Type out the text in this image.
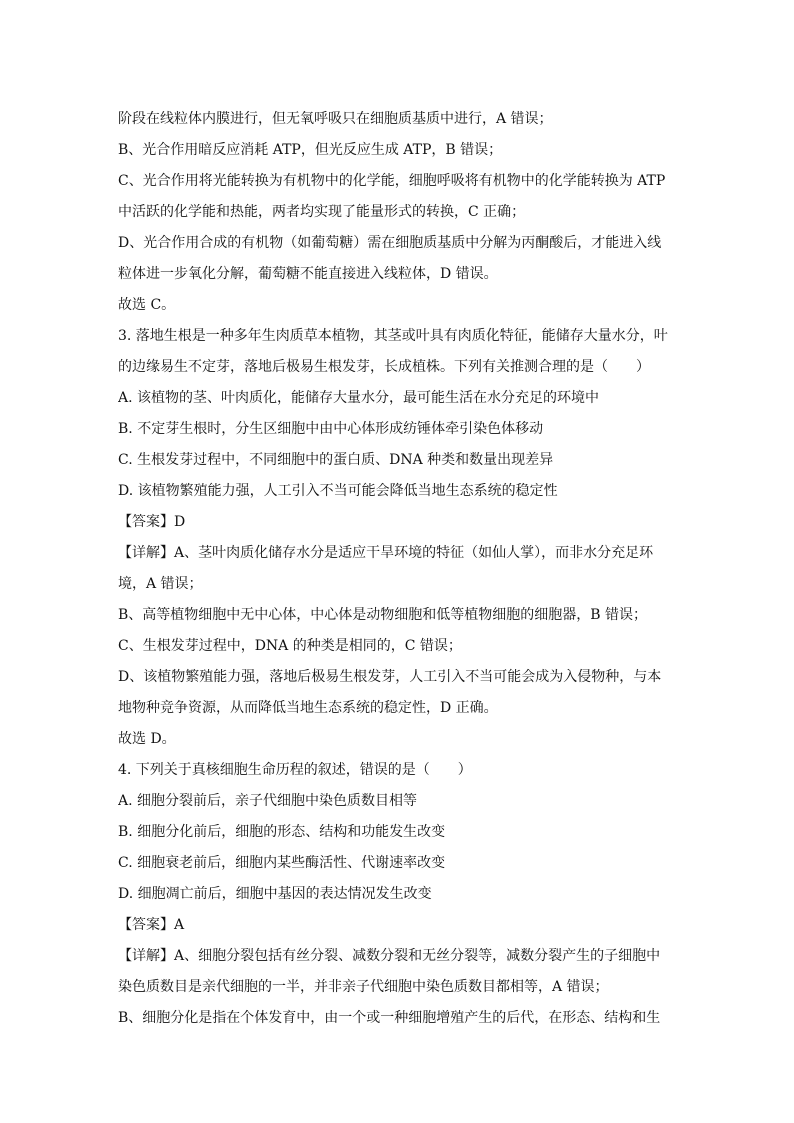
阶段在线粒体内膜进行，但无氧呼吸只在细胞质基质中进行，A 错误；
B、光合作用暗反应消耗 ATP，但光反应生成 ATP，B 错误；
C、光合作用将光能转换为有机物中的化学能，细胞呼吸将有机物中的化学能转换为 ATP
中活跃的化学能和热能，两者均实现了能量形式的转换，C 正确；
D、光合作用合成的有机物（如葡萄糖）需在细胞质基质中分解为丙酮酸后，才能进入线
粒体进一步氧化分解，葡萄糖不能直接进入线粒体，D 错误。
故选 C。
3. 落地生根是一种多年生肉质草本植物，其茎或叶具有肉质化特征，能储存大量水分，叶
的边缘易生不定芽，落地后极易生根发芽，长成植株。下列有关推测合理的是（　　）
A. 该植物的茎、叶肉质化，能储存大量水分，最可能生活在水分充足的环境中
B. 不定芽生根时，分生区细胞中由中心体形成纺锤体牵引染色体移动
C. 生根发芽过程中，不同细胞中的蛋白质、DNA 种类和数量出现差异
D. 该植物繁殖能力强，人工引入不当可能会降低当地生态系统的稳定性
【答案】D
【详解】A、茎叶肉质化储存水分是适应干旱环境的特征（如仙人掌），而非水分充足环
境，A 错误；
B、高等植物细胞中无中心体，中心体是动物细胞和低等植物细胞的细胞器，B 错误；
C、生根发芽过程中，DNA 的种类是相同的，C 错误；
D、该植物繁殖能力强，落地后极易生根发芽，人工引入不当可能会成为入侵物种，与本
地物种竞争资源，从而降低当地生态系统的稳定性，D 正确。
故选 D。
4. 下列关于真核细胞生命历程的叙述，错误的是（　　）
A. 细胞分裂前后，亲子代细胞中染色质数目相等
B. 细胞分化前后，细胞的形态、结构和功能发生改变
C. 细胞衰老前后，细胞内某些酶活性、代谢速率改变
D. 细胞凋亡前后，细胞中基因的表达情况发生改变
【答案】A
【详解】A、细胞分裂包括有丝分裂、减数分裂和无丝分裂等，减数分裂产生的子细胞中
染色质数目是亲代细胞的一半，并非亲子代细胞中染色质数目都相等，A 错误；
B、细胞分化是指在个体发育中，由一个或一种细胞增殖产生的后代，在形态、结构和生
